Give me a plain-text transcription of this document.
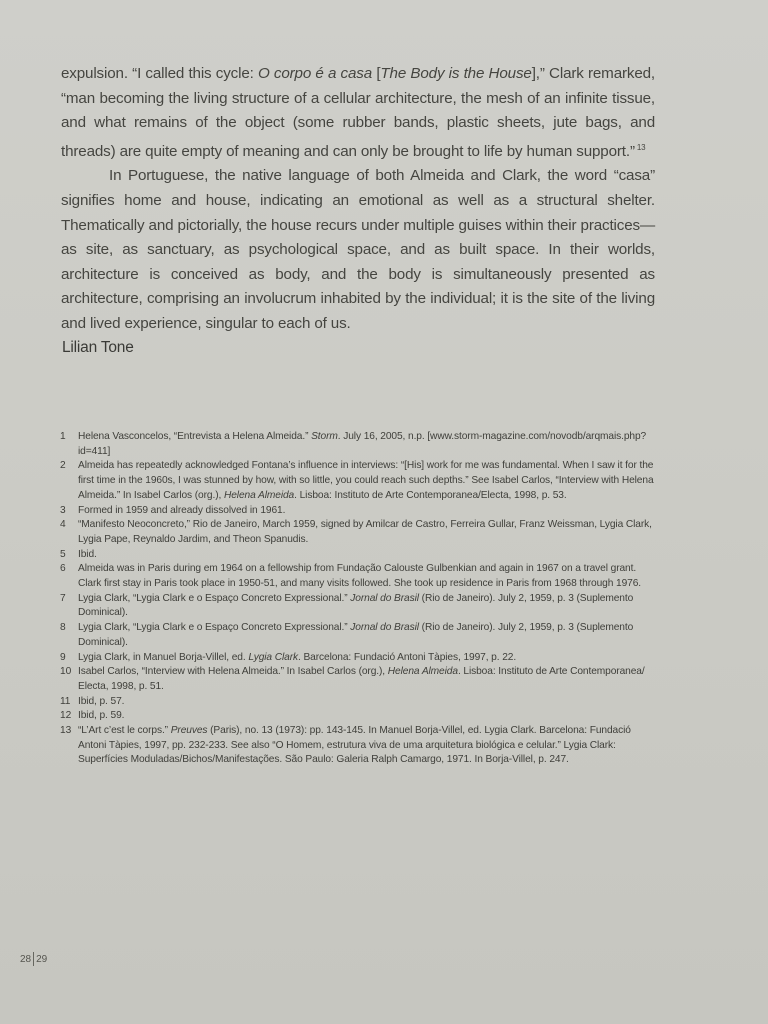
expulsion. “I called this cycle: O corpo é a casa [The Body is the House],” Clark remarked, “man becoming the living structure of a cellular architecture, the mesh of an infinite tissue, and what remains of the object (some rubber bands, plastic sheets, jute bags, and threads) are quite empty of meaning and can only be brought to life by human support.” $^{13}$

In Portuguese, the native language of both Almeida and Clark, the word “casa” signifies home and house, indicating an emotional as well as a structural shelter. Thematically and pictorially, the house recurs under multiple guises within their practices— as site, as sanctuary, as psychological space, and as built space. In their worlds, architecture is conceived as body, and the body is simultaneously presented as architecture, comprising an involucrum inhabited by the individual; it is the site of the living and lived experience, singular to each of us.

Lilian Tone
1	Helena Vasconcelos, “Entrevista a Helena Almeida.” Storm. July 16, 2005, n.p. [www.storm-magazine.com/novodb/arqmais.php?id=411]
2	Almeida has repeatedly acknowledged Fontana’s influence in interviews: “[His] work for me was fundamental. When I saw it for the first time in the 1960s, I was stunned by how, with so little, you could reach such depths.” See Isabel Carlos, “Interview with Helena Almeida.” In Isabel Carlos (org.), Helena Almeida. Lisboa: Instituto de Arte Contemporanea/Electa, 1998, p. 53.
3	Formed in 1959 and already dissolved in 1961.
4	“Manifesto Neoconcreto,” Rio de Janeiro, March 1959, signed by Amilcar de Castro, Ferreira Gullar, Franz Weissman, Lygia Clark, Lygia Pape, Reynaldo Jardim, and Theon Spanudis.
5	Ibid.
6	Almeida was in Paris during em 1964 on a fellowship from Fundação Calouste Gulbenkian and again in 1967 on a travel grant. Clark first stay in Paris took place in 1950-51, and many visits followed. She took up residence in Paris from 1968 through 1976.
7	Lygia Clark, “Lygia Clark e o Espaço Concreto Expressional.” Jornal do Brasil (Rio de Janeiro). July 2, 1959, p. 3 (Suplemento Dominical).
8	Lygia Clark, “Lygia Clark e o Espaço Concreto Expressional.” Jornal do Brasil (Rio de Janeiro). July 2, 1959, p. 3 (Suplemento Dominical).
9	Lygia Clark, in Manuel Borja-Villel, ed. Lygia Clark. Barcelona: Fundació Antoni Tàpies, 1997, p. 22.
10 Isabel Carlos, “Interview with Helena Almeida.” In Isabel Carlos (org.), Helena Almeida. Lisboa: Instituto de Arte Contemporanea/ Electa, 1998, p. 51.
11 Ibid, p. 57.
12 Ibid, p. 59.
13 “L’Art c’est le corps.” Preuves (Paris), no. 13 (1973): pp. 143-145. In Manuel Borja-Villel, ed. Lygia Clark. Barcelona: Fundació Antoni Tàpies, 1997, pp. 232-233. See also “O Homem, estrutura viva de uma arquitetura biológica e celular.” Lygia Clark: Superfícies Moduladas/Bichos/Manifestações. São Paulo: Galeria Ralph Camargo, 1971. In Borja-Villel, p. 247.
28 29
